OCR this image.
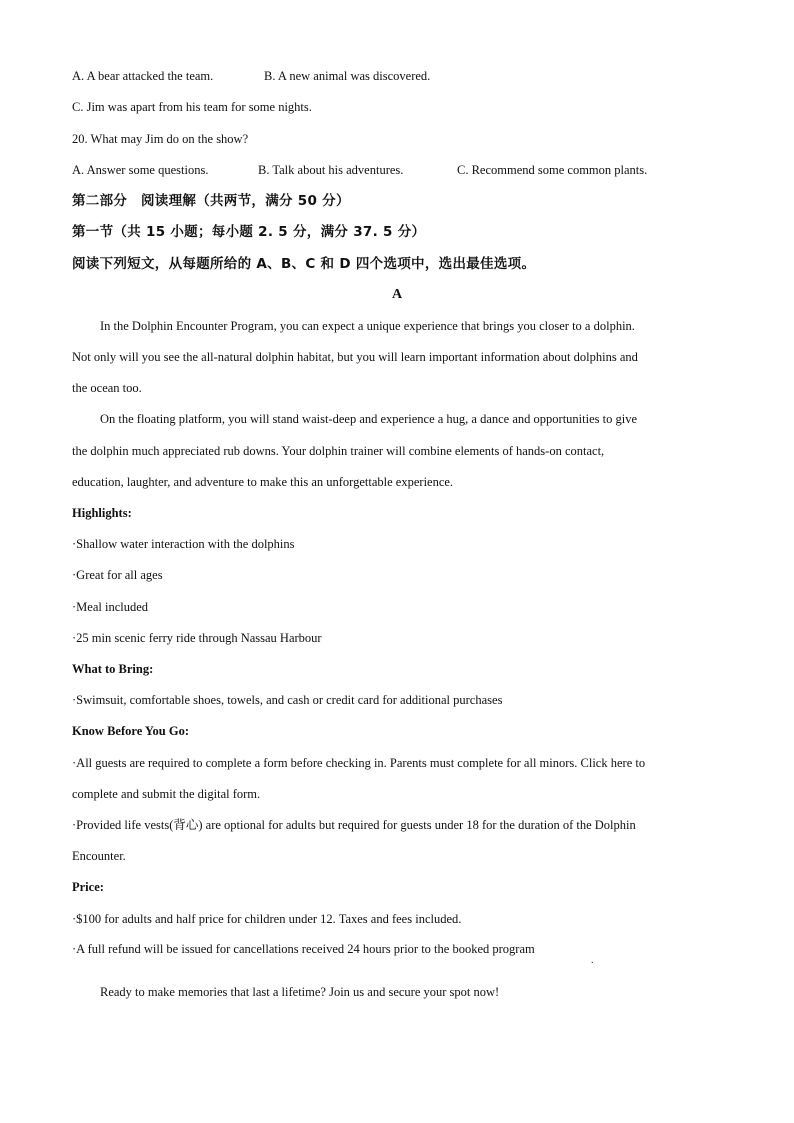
A. A bear attacked the team.	B. A new animal was discovered.
C. Jim was apart from his team for some nights.
20. What may Jim do on the show?
A. Answer some questions.	B. Talk about his adventures.	C. Recommend some common plants.
第二部分　阅读理解（共两节，满分 50 分）
第一节（共 15 小题；每小题 2. 5 分，满分 37. 5 分）
阅读下列短文，从每题所给的 A、B、C 和 D 四个选项中，选出最佳选项。
A
In the Dolphin Encounter Program, you can expect a unique experience that brings you closer to a dolphin.
Not only will you see the all-natural dolphin habitat, but you will learn important information about dolphins and
the ocean too.
On the floating platform, you will stand waist-deep and experience a hug, a dance and opportunities to give
the dolphin much appreciated rub downs. Your dolphin trainer will combine elements of hands-on contact,
education, laughter, and adventure to make this an unforgettable experience.
Highlights:
·Shallow water interaction with the dolphins
·Great for all ages
·Meal included
·25 min scenic ferry ride through Nassau Harbour
What to Bring:
·Swimsuit, comfortable shoes, towels, and cash or credit card for additional purchases
Know Before You Go:
·All guests are required to complete a form before checking in. Parents must complete for all minors. Click here to
complete and submit the digital form.
·Provided life vests(背心) are optional for adults but required for guests under 18 for the duration of the Dolphin
Encounter.
Price:
·$100 for adults and half price for children under 12. Taxes and fees included.
·A full refund will be issued for cancellations received 24 hours prior to the booked program
.
Ready to make memories that last a lifetime? Join us and secure your spot now!
